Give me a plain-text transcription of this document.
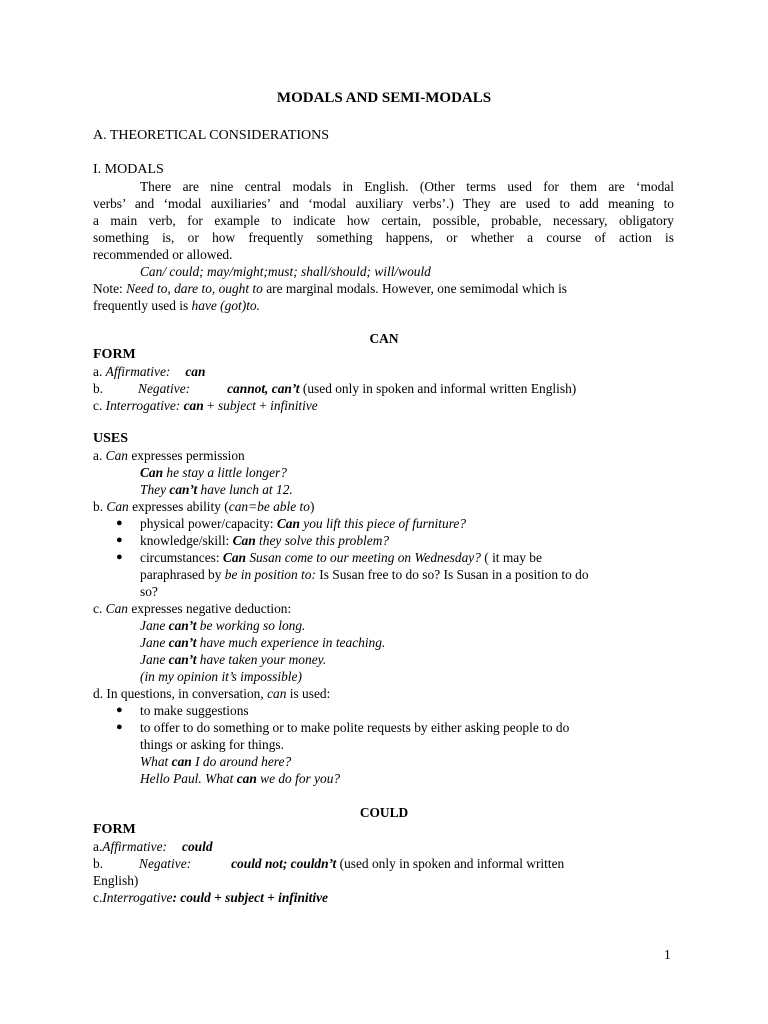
MODALS AND SEMI-MODALS
A. THEORETICAL CONSIDERATIONS
I. MODALS
There are nine central modals in English. (Other terms used for them are ‘modal
verbs’ and ‘modal auxiliaries’ and ‘modal auxiliary verbs’.) They are used to add meaning to
a main verb, for example to indicate how certain, possible, probable, necessary, obligatory
something is, or how frequently something happens, or whether a course of action is
recommended or allowed.
Can/ could; may/might;must; shall/should; will/would
Note: Need to, dare to, ought to are marginal modals. However, one semimodal which is
frequently used is have (got)to.
CAN
FORM
a. Affirmative: can
b.	Negative:	cannot, can’t (used only in spoken and informal written English)
c. Interrogative: can + subject + infinitive
USES
a. Can expresses permission
Can he stay a little longer?
They can’t have lunch at 12.
b. Can expresses ability (can=be able to)
●	physical power/capacity: Can you lift this piece of furniture?
●	knowledge/skill: Can they solve this problem?
●	circumstances: Can Susan come to our meeting on Wednesday? ( it may be
paraphrased by be in position to: Is Susan free to do so? Is Susan in a position to do
so?
c. Can expresses negative deduction:
Jane can’t be working so long.
Jane can’t have much experience in teaching.
Jane can’t have taken your money.
(in my opinion it’s impossible)
d. In questions, in conversation, can is used:
●	to make suggestions
●	to offer to do something or to make polite requests by either asking people to do
things or asking for things.
What can I do around here?
Hello Paul. What can we do for you?
COULD
FORM
a.Affirmative: could
b.	Negative:	could not; couldn’t (used only in spoken and informal written
English)
c.Interrogative: could + subject + infinitive
1
